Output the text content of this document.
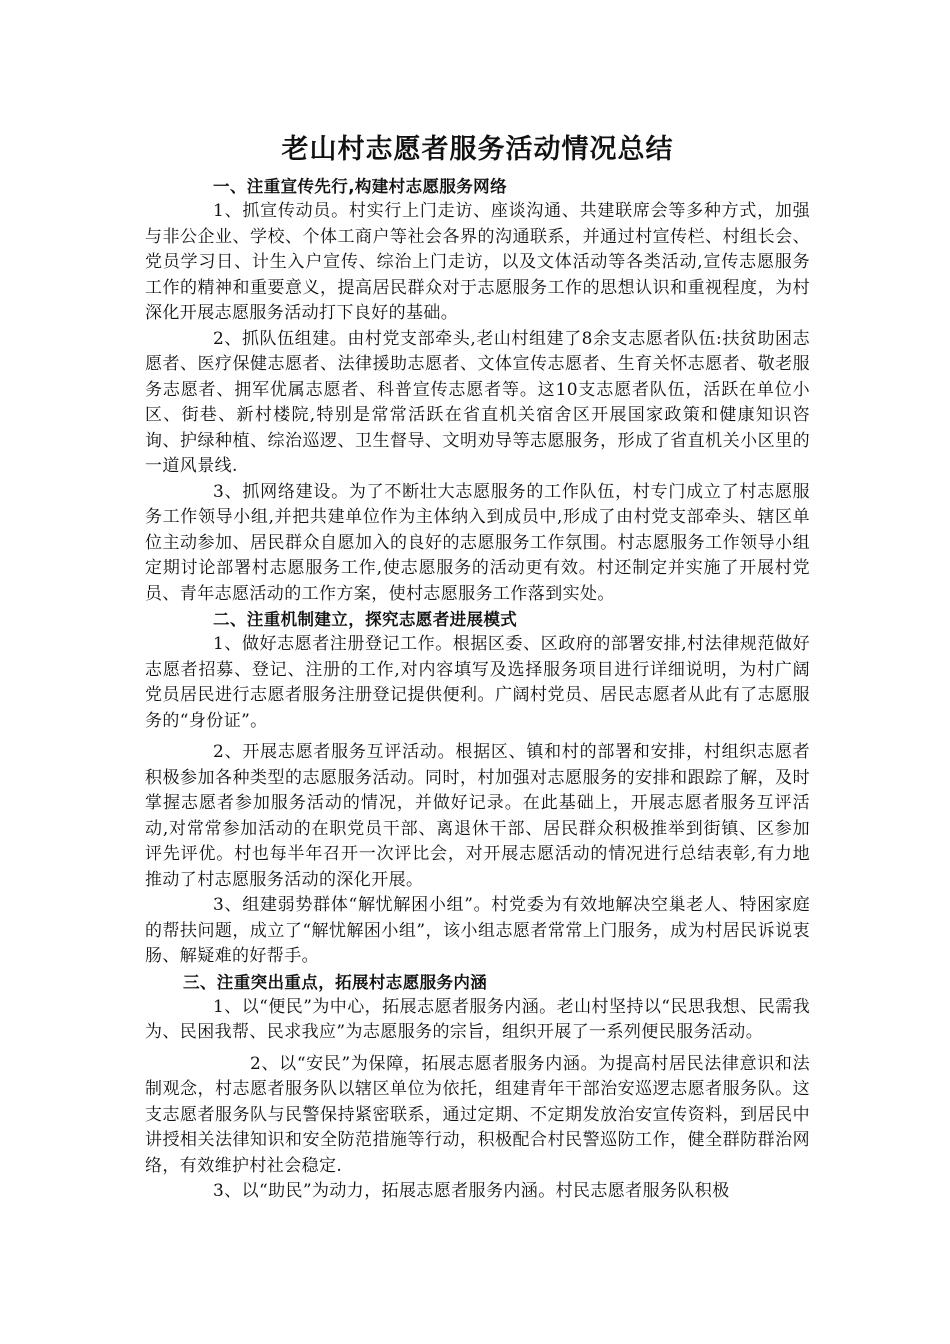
老山村志愿者服务活动情况总结
一、注重宣传先行,构建村志愿服务网络

1、抓宣传动员。村实行上门走访、座谈沟通、共建联席会等多种方式，加强与非公企业、学校、个体工商户等社会各界的沟通联系，并通过村宣传栏、村组长会、党员学习日、计生入户宣传、综治上门走访，以及文体活动等各类活动,宣传志愿服务工作的精神和重要意义，提高居民群众对于志愿服务工作的思想认识和重视程度，为村深化开展志愿服务活动打下良好的基础。

2、抓队伍组建。由村党支部牵头,老山村组建了8余支志愿者队伍:扶贫助困志愿者、医疗保健志愿者、法律援助志愿者、文体宣传志愿者、生育关怀志愿者、敬老服务志愿者、拥军优属志愿者、科普宣传志愿者等。这10支志愿者队伍，活跃在单位小区、街巷、新村楼院,特别是常常活跃在省直机关宿舍区开展国家政策和健康知识咨询、护绿种植、综治巡逻、卫生督导、文明劝导等志愿服务，形成了省直机关小区里的一道风景线.

3、抓网络建设。为了不断壮大志愿服务的工作队伍，村专门成立了村志愿服务工作领导小组,并把共建单位作为主体纳入到成员中,形成了由村党支部牵头、辖区单位主动参加、居民群众自愿加入的良好的志愿服务工作氛围。村志愿服务工作领导小组定期讨论部署村志愿服务工作,使志愿服务的活动更有效。村还制定并实施了开展村党员、青年志愿活动的工作方案，使村志愿服务工作落到实处。

二、注重机制建立，探究志愿者进展模式

1、做好志愿者注册登记工作。根据区委、区政府的部署安排,村法律规范做好志愿者招募、登记、注册的工作,对内容填写及选择服务项目进行详细说明，为村广阔党员居民进行志愿者服务注册登记提供便利。广阔村党员、居民志愿者从此有了志愿服务的“身份证”。

2、开展志愿者服务互评活动。根据区、镇和村的部署和安排，村组织志愿者积极参加各种类型的志愿服务活动。同时，村加强对志愿服务的安排和跟踪了解，及时掌握志愿者参加服务活动的情况，并做好记录。在此基础上，开展志愿者服务互评活动,对常常参加活动的在职党员干部、离退休干部、居民群众积极推举到街镇、区参加评先评优。村也每半年召开一次评比会，对开展志愿活动的情况进行总结表彰,有力地推动了村志愿服务活动的深化开展。

3、组建弱势群体“解忧解困小组”。村党委为有效地解决空巢老人、特困家庭的帮扶问题，成立了“解忧解困小组”，该小组志愿者常常上门服务，成为村居民诉说衷肠、解疑难的好帮手。

三、注重突出重点，拓展村志愿服务内涵

1、以“便民”为中心，拓展志愿者服务内涵。老山村坚持以“民思我想、民需我为、民困我帮、民求我应”为志愿服务的宗旨，组织开展了一系列便民服务活动。

2、以“安民”为保障，拓展志愿者服务内涵。为提高村居民法律意识和法制观念，村志愿者服务队以辖区单位为依托，组建青年干部治安巡逻志愿者服务队。这支志愿者服务队与民警保持紧密联系，通过定期、不定期发放治安宣传资料，到居民中讲授相关法律知识和安全防范措施等行动，积极配合村民警巡防工作，健全群防群治网络，有效维护村社会稳定.

3、以“助民”为动力，拓展志愿者服务内涵。村民志愿者服务队积极
